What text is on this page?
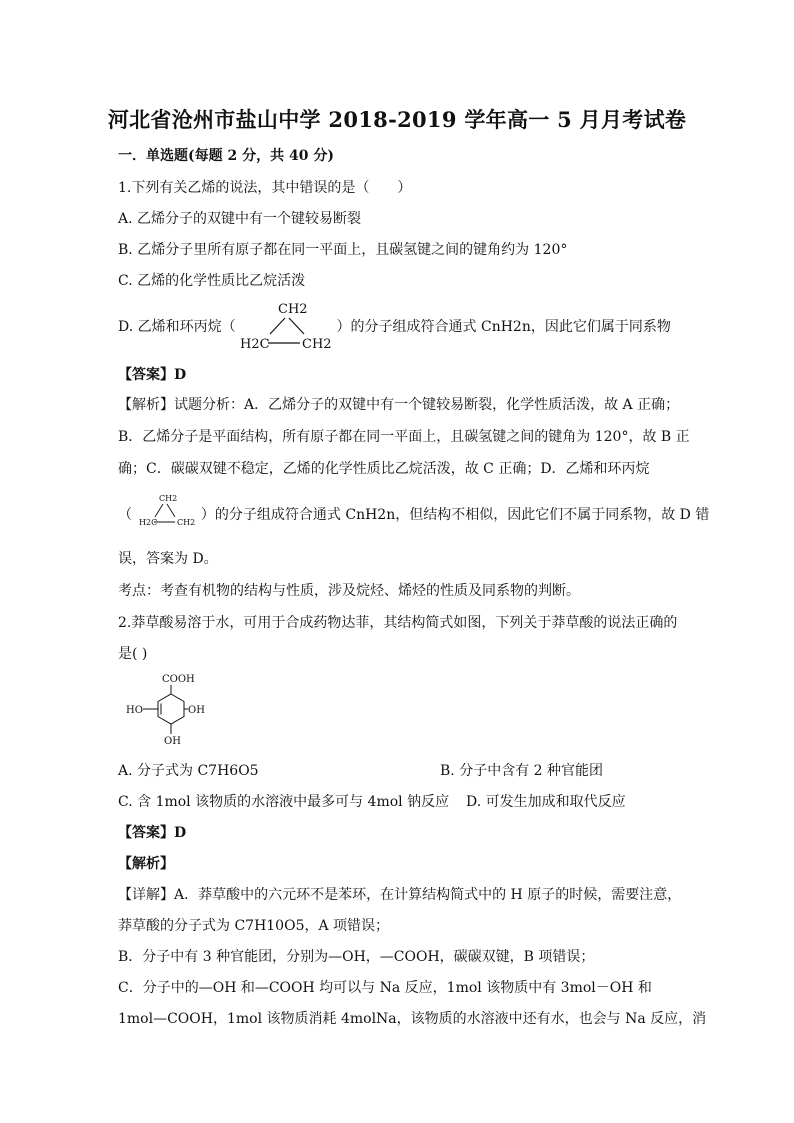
河北省沧州市盐山中学 2018-2019 学年高一 5 月月考试卷
一．单选题(每题 2 分，共 40 分)
1.下列有关乙烯的说法，其中错误的是（　　）
A. 乙烯分子的双键中有一个键较易断裂
B. 乙烯分子里所有原子都在同一平面上，且碳氢键之间的键角约为 120°
C. 乙烯的化学性质比乙烷活泼
D. 乙烯和环丙烷（	）的分子组成符合通式 CnH2n，因此它们属于同系物
CH2
H2C CH2
【答案】D
【解析】试题分析：A．乙烯分子的双键中有一个键较易断裂，化学性质活泼，故 A 正确；
B．乙烯分子是平面结构，所有原子都在同一平面上，且碳氢键之间的键角为 120°，故 B 正
确；C．碳碳双键不稳定，乙烯的化学性质比乙烷活泼，故 C 正确；D．乙烯和环丙烷
（	）的分子组成符合通式 CnH2n，但结构不相似，因此它们不属于同系物，故 D 错
CH2
H2C CH2
误，答案为 D。
考点：考查有机物的结构与性质，涉及烷烃、烯烃的性质及同系物的判断。
2.莽草酸易溶于水，可用于合成药物达菲，其结构简式如图，下列关于莽草酸的说法正确的
是( )
COOH
HO	OH
OH
A. 分子式为 C7H6O5	B. 分子中含有 2 种官能团
C. 含 1mol 该物质的水溶液中最多可与 4mol 钠反应 D. 可发生加成和取代反应
【答案】D
【解析】
【详解】A．莽草酸中的六元环不是苯环，在计算结构简式中的 H 原子的时候，需要注意，
莽草酸的分子式为 C7H10O5，A 项错误；
B．分子中有 3 种官能团，分别为—OH，—COOH，碳碳双键，B 项错误；
C．分子中的—OH 和—COOH 均可以与 Na 反应，1mol 该物质中有 3mol－OH 和
1mol—COOH，1mol 该物质消耗 4molNa，该物质的水溶液中还有水，也会与 Na 反应，消
